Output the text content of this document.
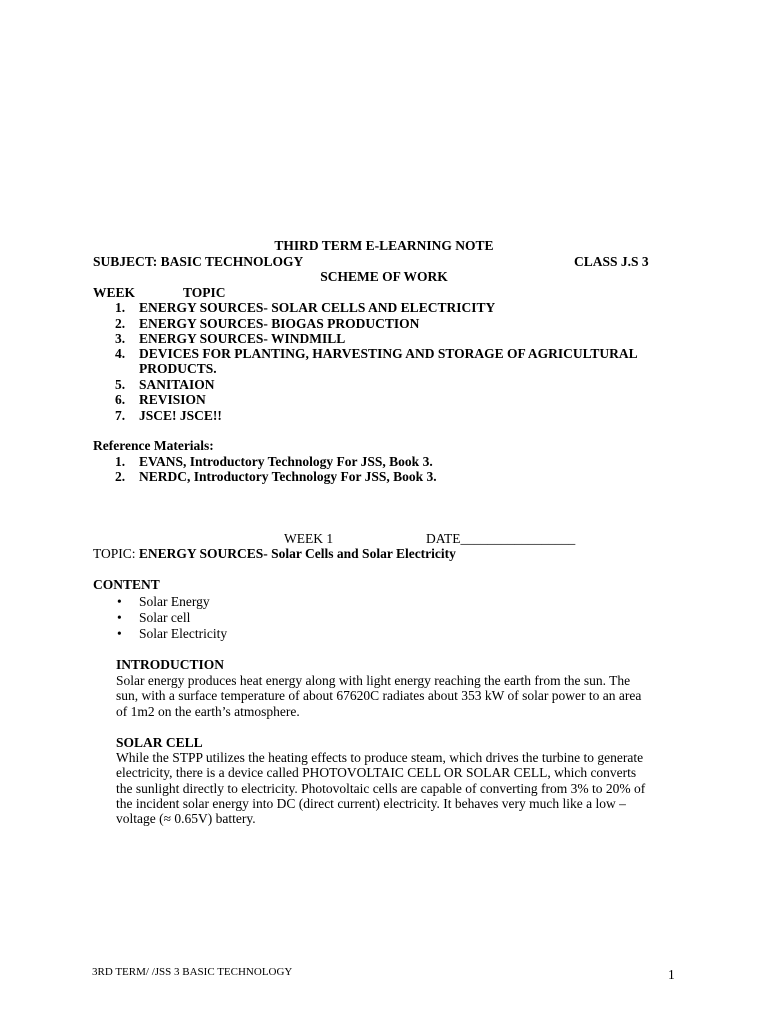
THIRD TERM E-LEARNING NOTE
SUBJECT: BASIC TECHNOLOGY	CLASS J.S 3
SCHEME OF WORK
WEEK	TOPIC
1. ENERGY SOURCES- SOLAR CELLS AND ELECTRICITY
2. ENERGY SOURCES- BIOGAS PRODUCTION
3. ENERGY SOURCES- WINDMILL
4. DEVICES FOR PLANTING, HARVESTING AND STORAGE OF AGRICULTURAL
PRODUCTS.
5. SANITAION
6. REVISION
7. JSCE! JSCE!!
Reference Materials:
1. EVANS, Introductory Technology For JSS, Book 3.
2. NERDC, Introductory Technology For JSS, Book 3.
WEEK 1	DATE_________________
TOPIC: ENERGY SOURCES- Solar Cells and Solar Electricity
CONTENT
• Solar Energy
• Solar cell
• Solar Electricity
INTRODUCTION
Solar energy produces heat energy along with light energy reaching the earth from the sun. The
sun, with a surface temperature of about 67620C radiates about 353 kW of solar power to an area
of 1m2 on the earth’s atmosphere.
SOLAR CELL
While the STPP utilizes the heating effects to produce steam, which drives the turbine to generate
electricity, there is a device called PHOTOVOLTAIC CELL OR SOLAR CELL, which converts
the sunlight directly to electricity. Photovoltaic cells are capable of converting from 3% to 20% of
the incident solar energy into DC (direct current) electricity. It behaves very much like a low –
voltage (≈ 0.65V) battery.
3RD TERM/ /JSS 3 BASIC TECHNOLOGY	1
